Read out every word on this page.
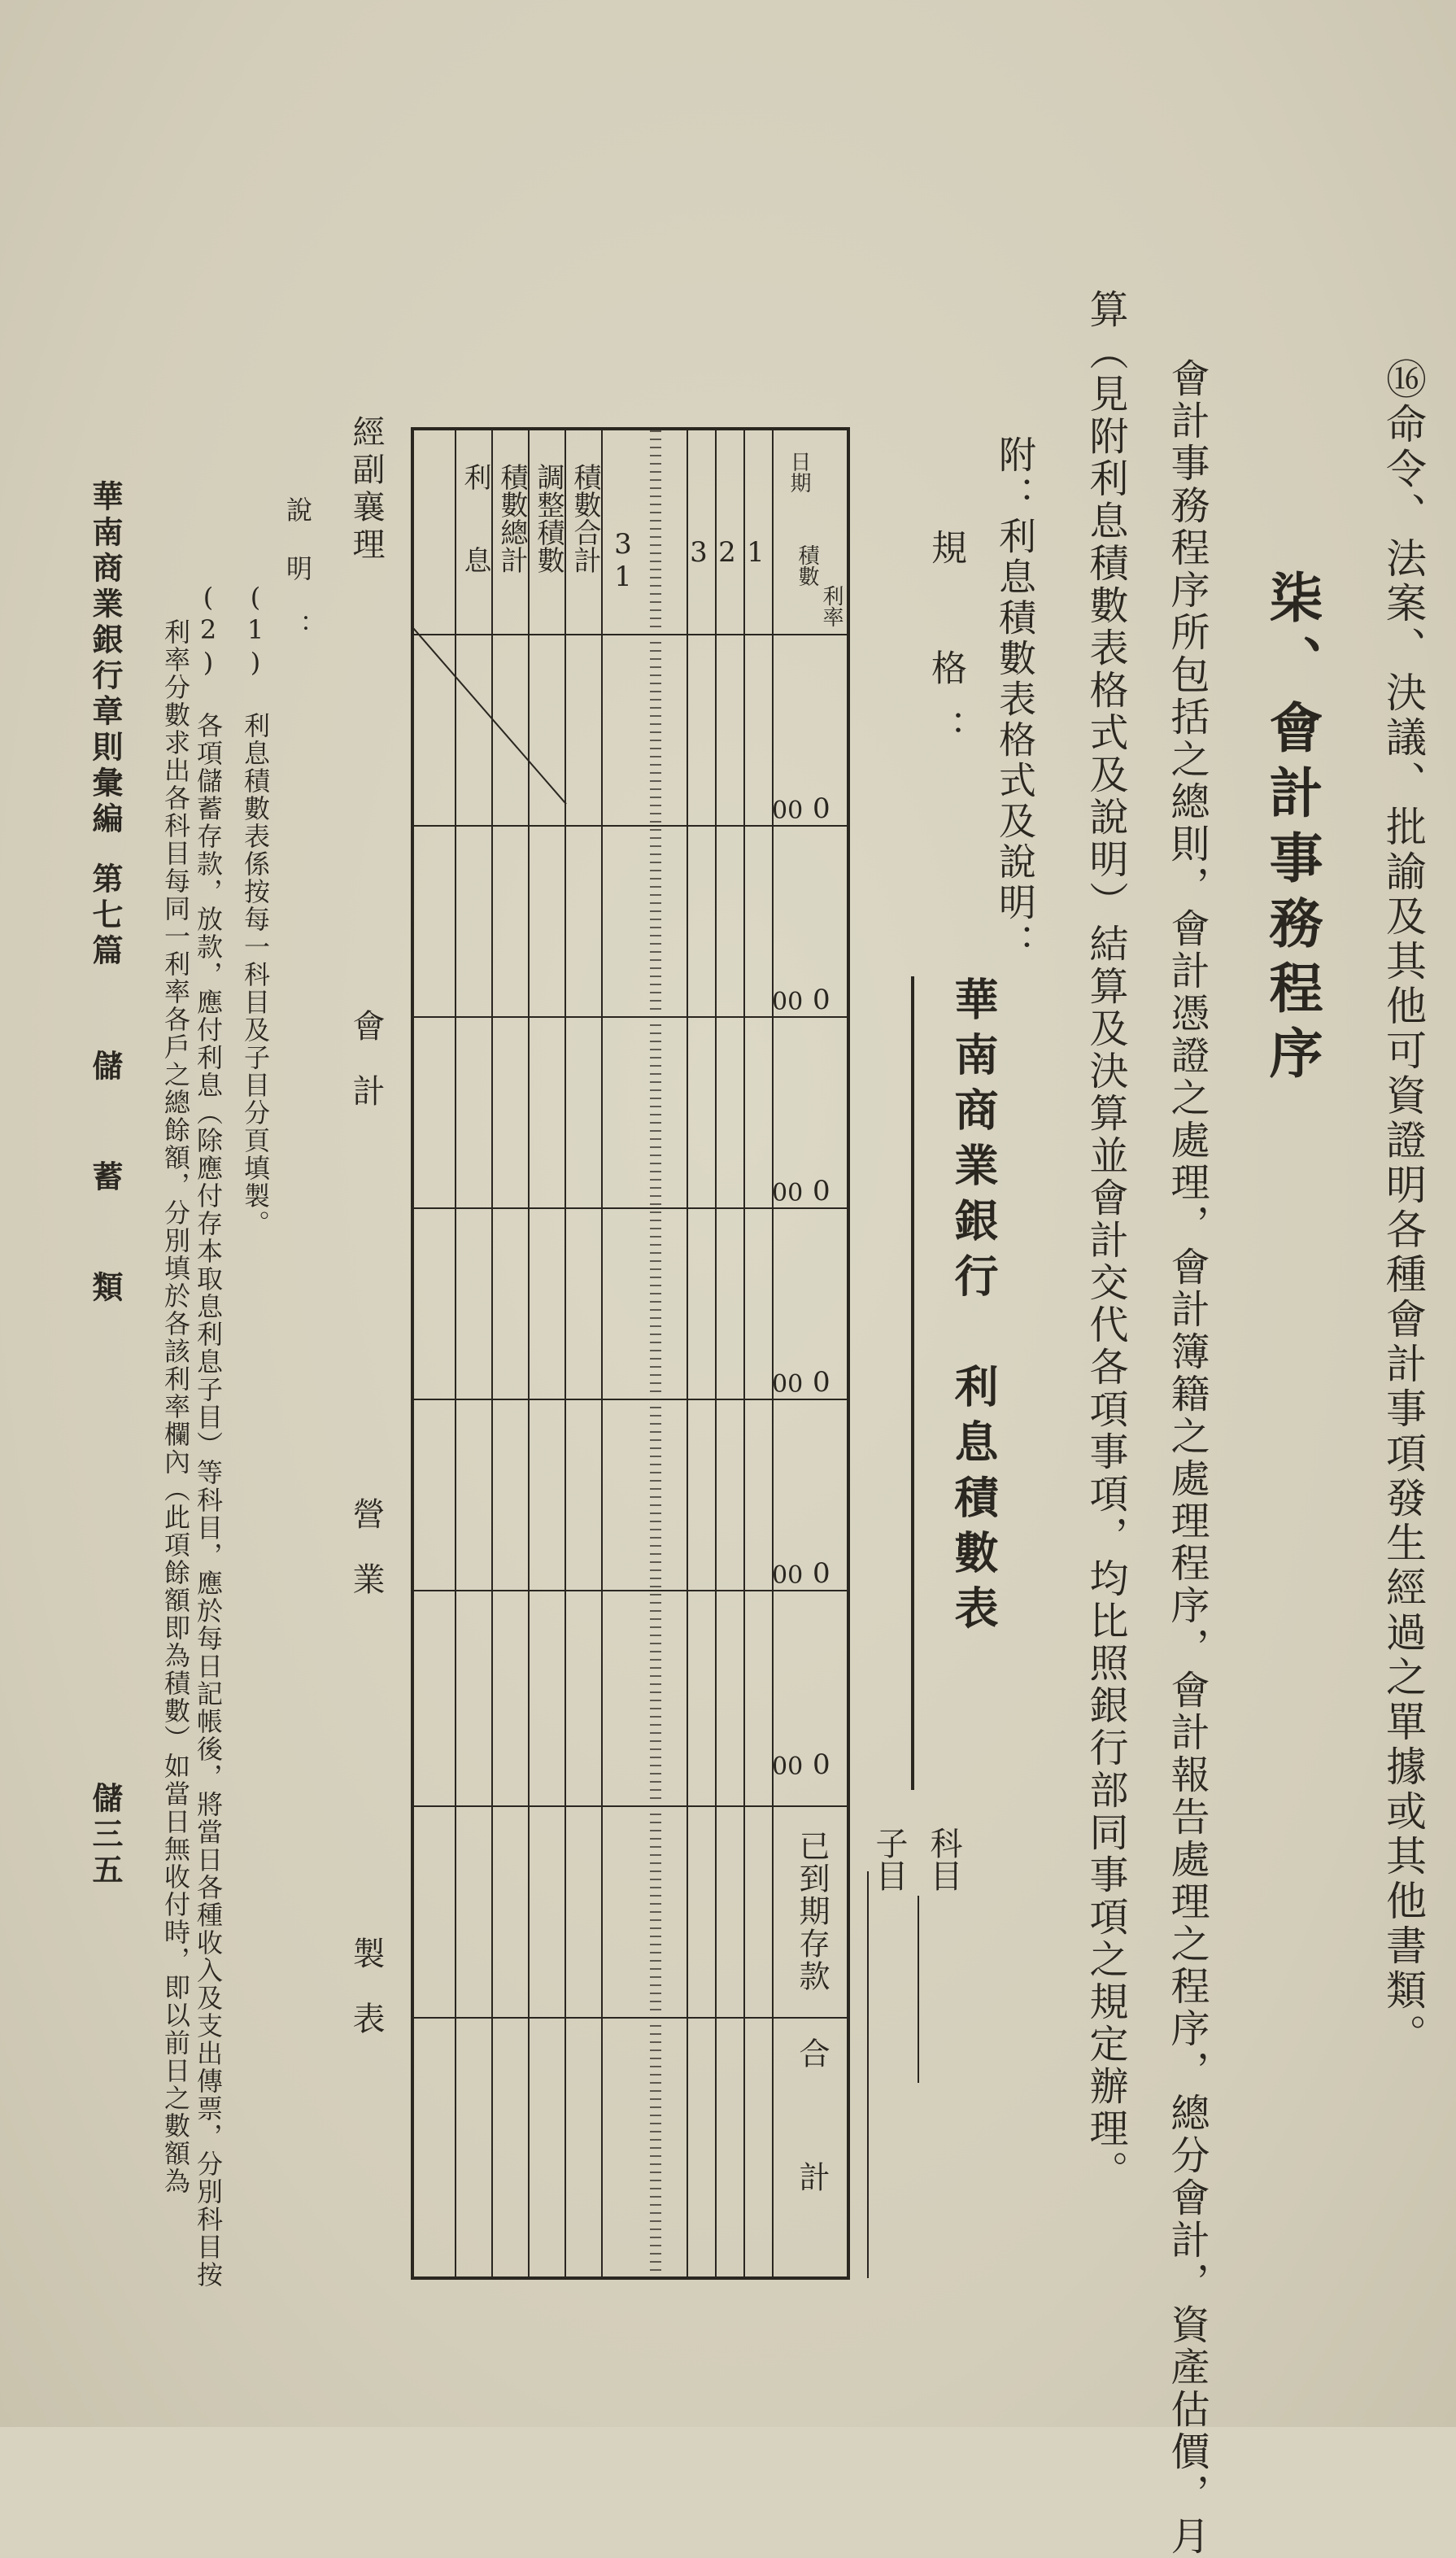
⑯命令、法案、決議、批諭及其他可資證明各種會計事項發生經過之單據或其他書類。
柒、會計事務程序
會計事務程序所包括之總則，會計憑證之處理，會計簿籍之處理程序，會計報告處理之程序，總分會計，資產估價，月
算（見附利息積數表格式及說明）結算及決算並會計交代各項事項，均比照銀行部同事項之規定辦理。
附：利息積數表格式及說明：
規　格：
華南商業銀行　利息積數表
科目
子目
利率
積數
日期
1
2
3
31
積數合計
調整積數
積數總計
利　　息
0
00
0
00
0
00
0
00
0
00
0
00
已到期存款
合　　　計
經副襄理
會計
營業
製表
說明：
(1) 利息積數表係按每一科目及子目分頁填製。
(2) 各項儲蓄存款，放款，應付利息（除應付存本取息利息子目）等科目，應於每日記帳後，將當日各種收入及支出傳票，分別科目按
利率分數求出各科目每同一利率各戶之總餘額，分別填於各該利率欄內（此項餘額即為積數）如當日無收付時，即以前日之數額為
華南商業銀行章則彙編
第七篇
儲　蓄　類
儲三五
